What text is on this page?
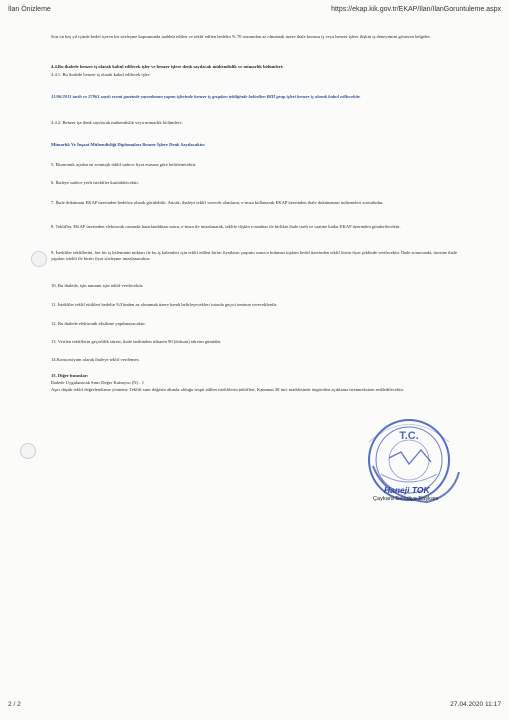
İlan Önizleme	https://ekap.kik.gov.tr/EKAP/Ilan/IlanGoruntuleme.aspx
Son on beş yıl içinde bedel içeren bir sözleşme kapsamında taahhüt edilen ve teklif edilen bedelin % 70 oranından az olmamak üzere ihale konusu iş veya benzer işlere ilişkin iş deneyimini gösteren belgeler.
4.4.Bu ihalede benzer iş olarak kabul edilecek işler ve benzer işlere denk sayılacak mühendislik ve mimarlık bölümleri:
4.4.1. Bu ihalede benzer iş olarak kabul edilecek işler:
11/06/2011 tarih ve 27961 sayılı resmi gazetede yayımlanan yapım işlerinde benzer iş grupları tebliğinde belirtilen BIII grup işleri benzer iş olarak kabul edilecektir.
4.4.2. Benzer işe denk sayılacak mühendislik veya mimarlık bölümleri:
Mimarlık Ve İnşaat Mühendisliği Diplomaları Benzer İşlere Denk Sayılacaktır.
5. Ekonomik açıdan en avantajlı teklif sadece fiyat esasına göre belirlenecektir.
6. İhaleye sadece yerli istekliler katılabilecektir.
7. İhale dokümanı EKAP üzerinden bedelsiz olarak görülebilir. Ancak, ihaleye teklif verecek olanların, e-imza kullanarak EKAP üzerinden ihale dokümanını indirmeleri zorunludur.
8. Teklifler, EKAP üzerinden elektronik ortamda hazırlandıktan sonra, e-imza ile imzalanarak, teklife ilişkin e-anahtar ile birlikte ihale tarih ve saatine kadar EKAP üzerinden gönderilecektir.
9. İstekliler tekliflerini, her bir iş kaleminin miktarı ile bu iş kalemleri için teklif edilen birim fiyatların çarpımı sonucu bulunan toplam bedel üzerinden teklif birim fiyat şeklinde verilecektir. İhale sonucunda, üzerine ihale yapılan istekli ile birim fiyat sözleşme imzalanacaktır.
10. Bu ihalede, işin tamamı için teklif verilecektir.
11. İstekliler teklif ettikleri bedelin %3'ünden az olmamak üzere kendi belirleyecekleri tutarda geçici teminat vereceklerdir.
12. Bu ihalede elektronik eksiltme yapılmayacaktır.
13. Verilen tekliflerin geçerlilik süresi, ihale tarihinden itibaren 90 (doksan) takvim günüdür.
14.Konsorsiyum olarak ihaleye teklif verilemez.
15. Diğer hususlar:
İhalede Uygulanacak Sınır Değer Katsayısı (N) : 1
Aşırı düşük teklif değerlendirme yöntemi: Teklifi sınır değerin altında olduğu tespit edilen isteklilerin teklifleri, Kanunun 38 inci maddesinde öngörülen açıklama istenmeksizin reddedilecektir.
T.C.
Haneji TOK
Çaykara Belediye Başkanı
2 / 2	27.04.2020 11:17
